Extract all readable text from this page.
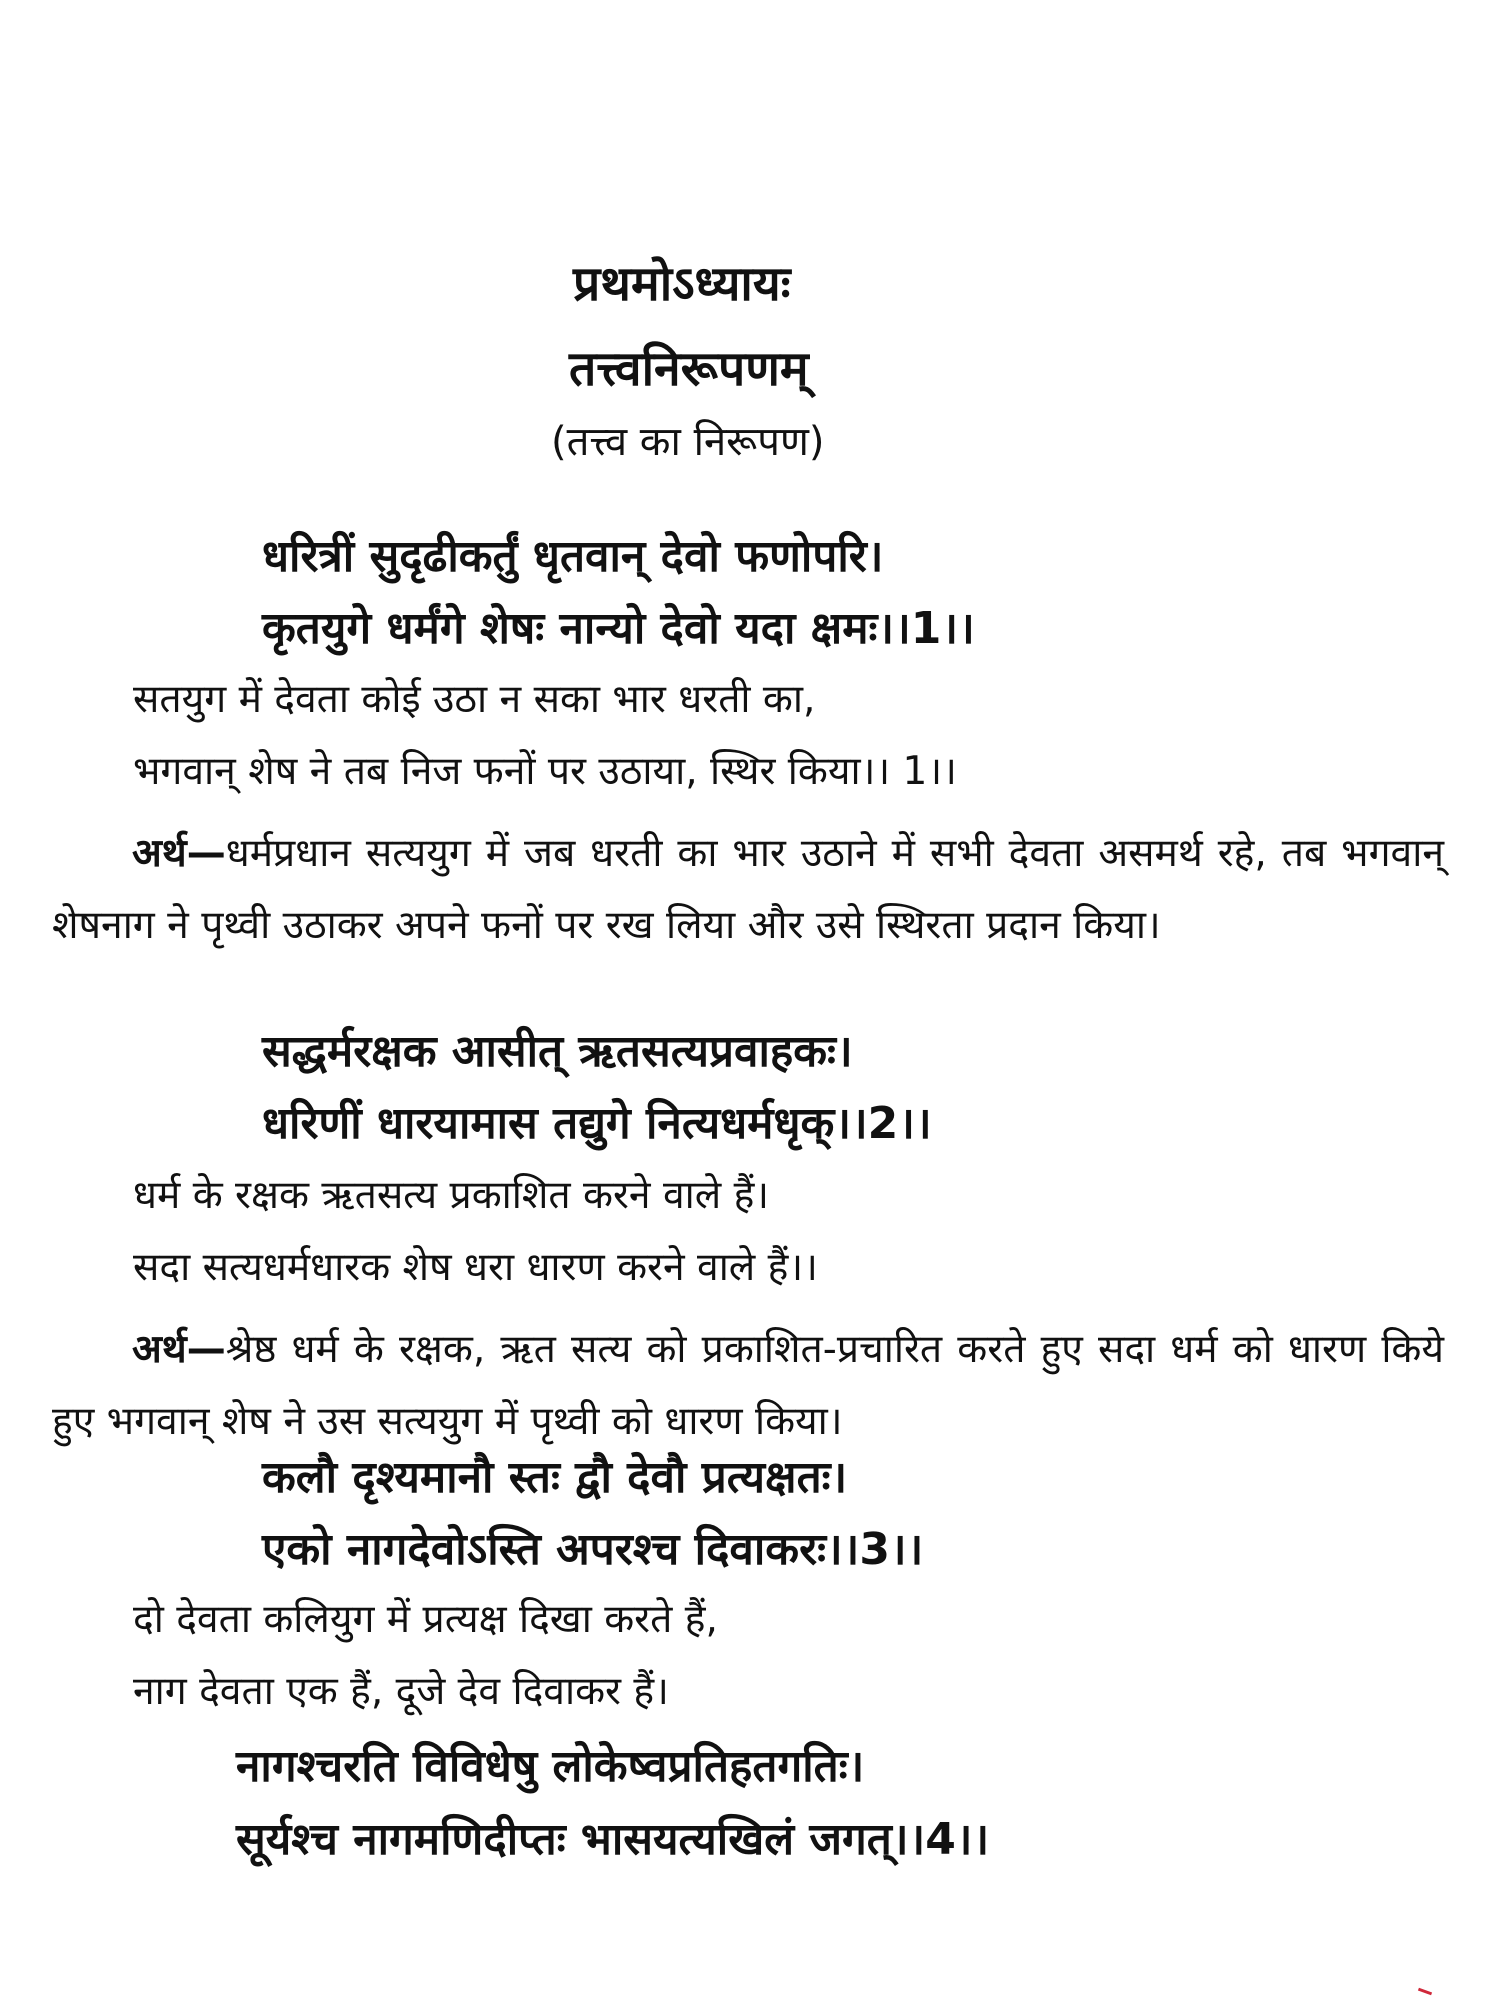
प्रथमोऽध्यायः
तत्त्वनिरूपणम्
(तत्त्व का निरूपण)
धरित्रीं सुदृढीकर्तुं धृतवान् देवो फणोपरि।
कृतयुगे धर्मंगे शेषः नान्यो देवो यदा क्षमः।।1।।
सतयुग में देवता कोई उठा न सका भार धरती का,
भगवान् शेष ने तब निज फनों पर उठाया, स्थिर किया।। 1।।
अर्थ—धर्मप्रधान सत्ययुग में जब धरती का भार उठाने में सभी देवता असमर्थ रहे, तब भगवान् शेषनाग ने पृथ्वी उठाकर अपने फनों पर रख लिया और उसे स्थिरता प्रदान किया।
सद्धर्मरक्षक आसीत् ऋतसत्यप्रवाहकः।
धरिणीं धारयामास तद्युगे नित्यधर्मधृक्।।2।।
धर्म के रक्षक ऋतसत्य प्रकाशित करने वाले हैं।
सदा सत्यधर्मधारक शेष धरा धारण करने वाले हैं।।
अर्थ—श्रेष्ठ धर्म के रक्षक, ऋत सत्य को प्रकाशित-प्रचारित करते हुए सदा धर्म को धारण किये हुए भगवान् शेष ने उस सत्ययुग में पृथ्वी को धारण किया।
कलौ दृश्यमानौ स्तः द्वौ देवौ प्रत्यक्षतः।
एको नागदेवोऽस्ति अपरश्च दिवाकरः।।3।।
दो देवता कलियुग में प्रत्यक्ष दिखा करते हैं,
नाग देवता एक हैं, दूजे देव दिवाकर हैं।
नागश्चरति विविधेषु लोकेष्वप्रतिहतगतिः।
सूर्यश्च नागमणिदीप्तः भासयत्यखिलं जगत्।।4।।
